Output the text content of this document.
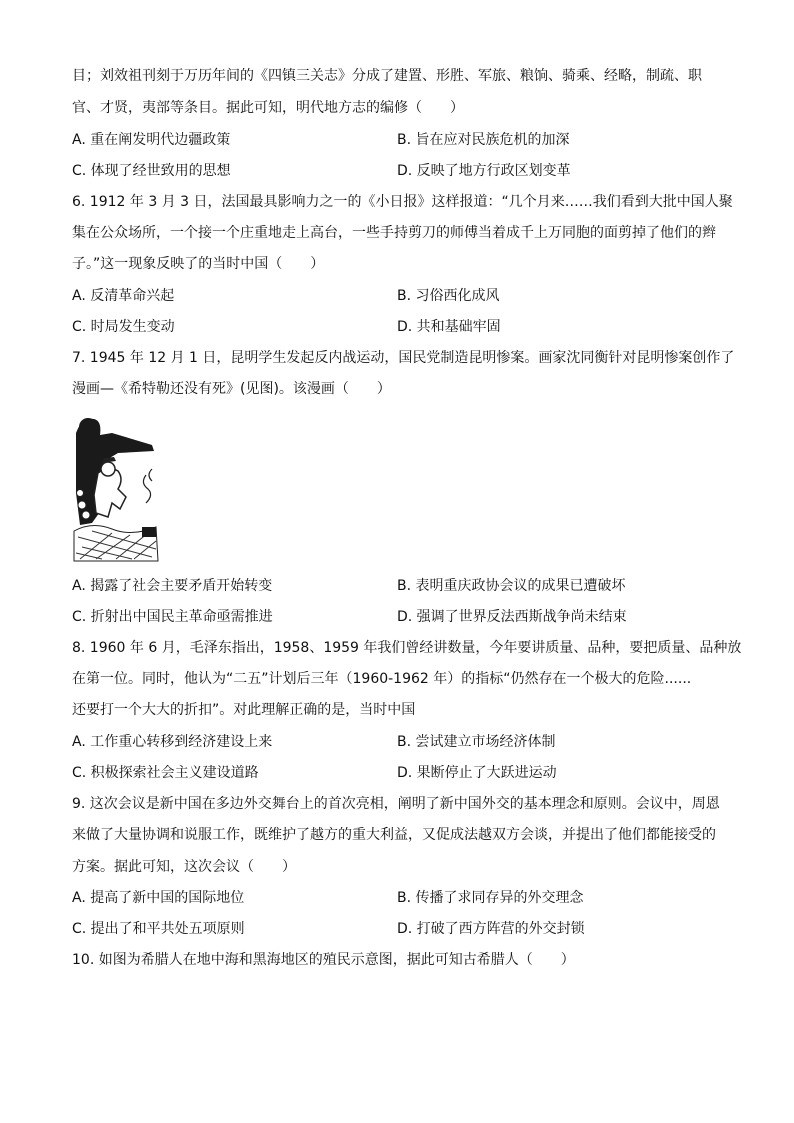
目；刘效祖刊刻于万历年间的《四镇三关志》分成了建置、形胜、军旅、粮饷、骑乘、经略，制疏、职
官、才贤，夷部等条目。据此可知，明代地方志的编修（　　）
A. 重在阐发明代边疆政策	B. 旨在应对民族危机的加深
C. 体现了经世致用的思想	D. 反映了地方行政区划变革
6. 1912 年 3 月 3 日，法国最具影响力之一的《小日报》这样报道：“几个月来……我们看到大批中国人聚
集在公众场所，一个接一个庄重地走上高台，一些手持剪刀的师傅当着成千上万同胞的面剪掉了他们的辫
子。”这一现象反映了的当时中国（　　）
A. 反清革命兴起	B. 习俗西化成风
C. 时局发生变动	D. 共和基础牢固
7. 1945 年 12 月 1 日，昆明学生发起反内战运动，国民党制造昆明惨案。画家沈同衡针对昆明惨案创作了
漫画—《希特勒还没有死》(见图)。该漫画（　　）
A. 揭露了社会主要矛盾开始转变	B. 表明重庆政协会议的成果已遭破坏
C. 折射出中国民主革命亟需推进	D. 强调了世界反法西斯战争尚未结束
8. 1960 年 6 月，毛泽东指出，1958、1959 年我们曾经讲数量，今年要讲质量、品种，要把质量、品种放
在第一位。同时，他认为“二五”计划后三年（1960-1962 年）的指标“仍然存在一个极大的危险......
还要打一个大大的折扣”。对此理解正确的是，当时中国
A. 工作重心转移到经济建设上来	B. 尝试建立市场经济体制
C. 积极探索社会主义建设道路	D. 果断停止了大跃进运动
9. 这次会议是新中国在多边外交舞台上的首次亮相，阐明了新中国外交的基本理念和原则。会议中，周恩
来做了大量协调和说服工作，既维护了越方的重大利益，又促成法越双方会谈，并提出了他们都能接受的
方案。据此可知，这次会议（　　）
A. 提高了新中国的国际地位	B. 传播了求同存异的外交理念
C. 提出了和平共处五项原则	D. 打破了西方阵营的外交封锁
10. 如图为希腊人在地中海和黑海地区的殖民示意图，据此可知古希腊人（　　）
